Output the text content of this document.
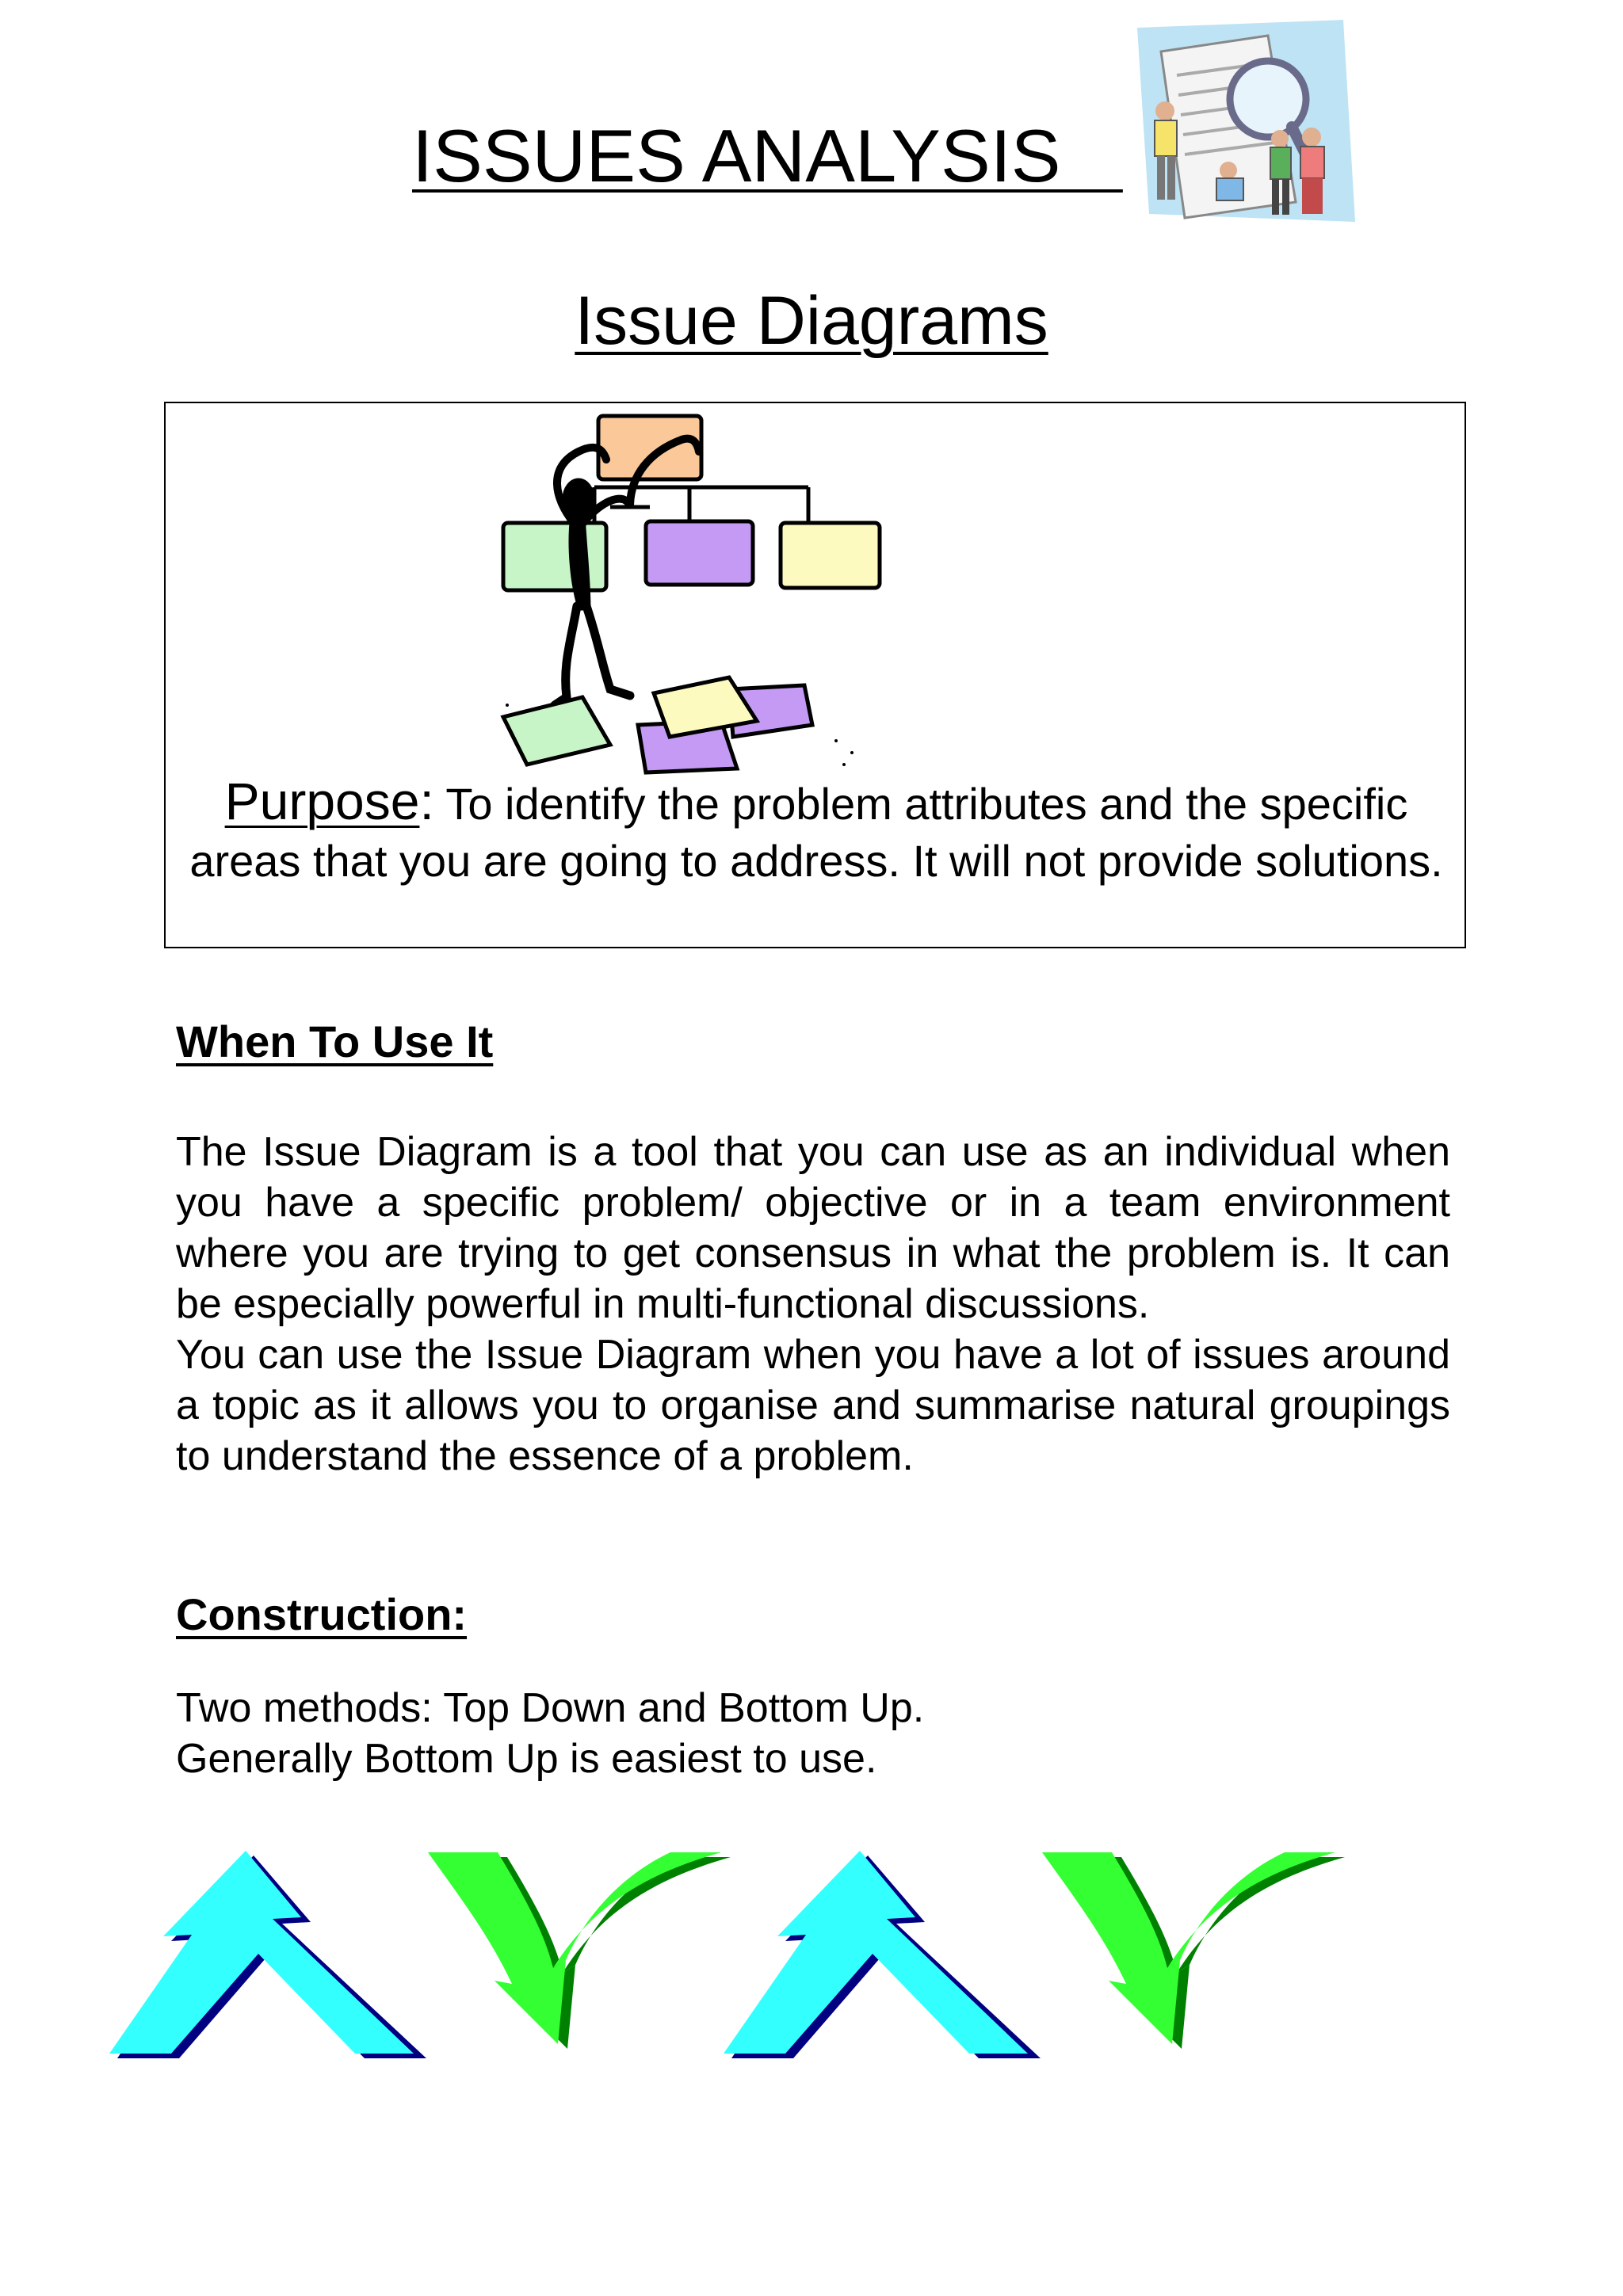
ISSUES ANALYSIS
Issue Diagrams
Purpose: To identify the problem attributes and the specific areas that you are going to address. It will not provide solutions.
When To Use It

The Issue Diagram is a tool that you can use as an individual when you have a specific problem/ objective or in a team environment where you are trying to get consensus in what the problem is. It can be especially powerful in multi-functional discussions.

You can use the Issue Diagram when you have a lot of issues around a topic as it allows you to organise and summarise natural groupings to understand the essence of a problem.

Construction:
Two methods: Top Down and Bottom Up.
Generally Bottom Up is easiest to use.
